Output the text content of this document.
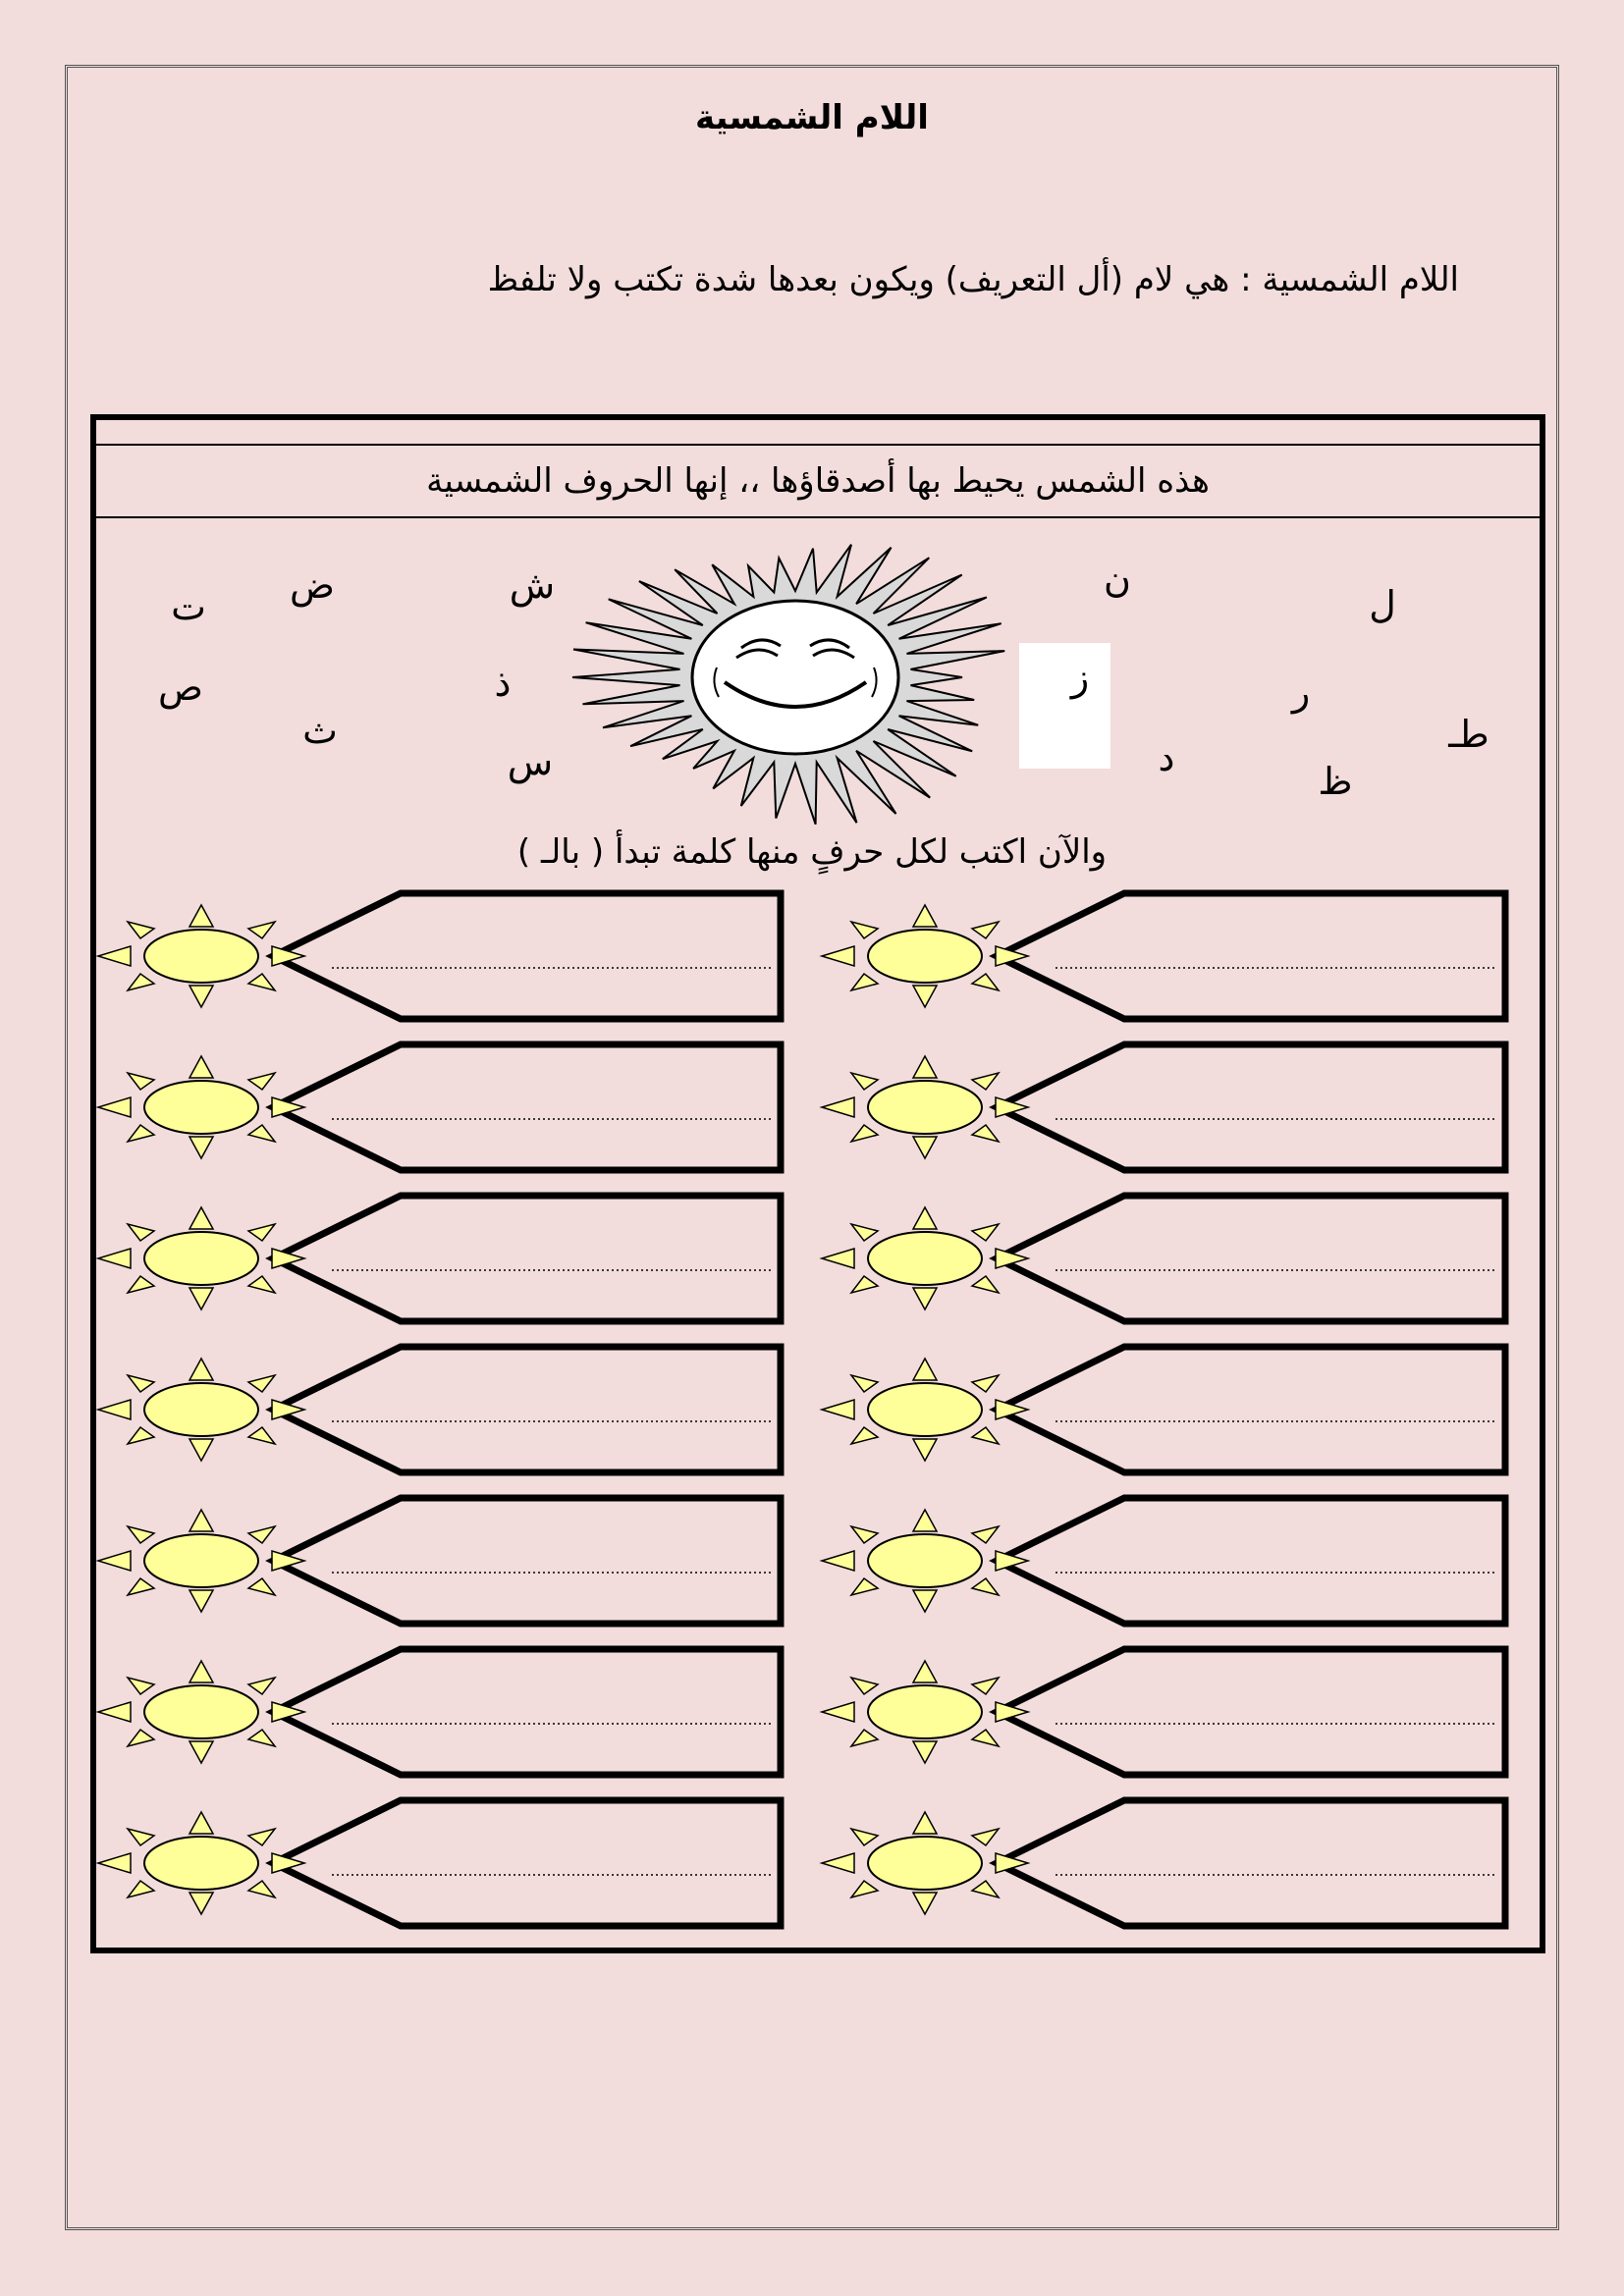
اللام الشمسية
اللام الشمسية : هي لام (أل التعريف) ويكون بعدها شدة تكتب ولا تلفظ
هذه الشمس يحيط بها أصدقاؤها ،، إنها الحروف الشمسية
ت ض	ش	ن
ل
ص	ذ	ز	ر
ث
س	د
طـ
ظ
والآن اكتب لكل حرفٍ منها كلمة تبدأ ( بالـ )
